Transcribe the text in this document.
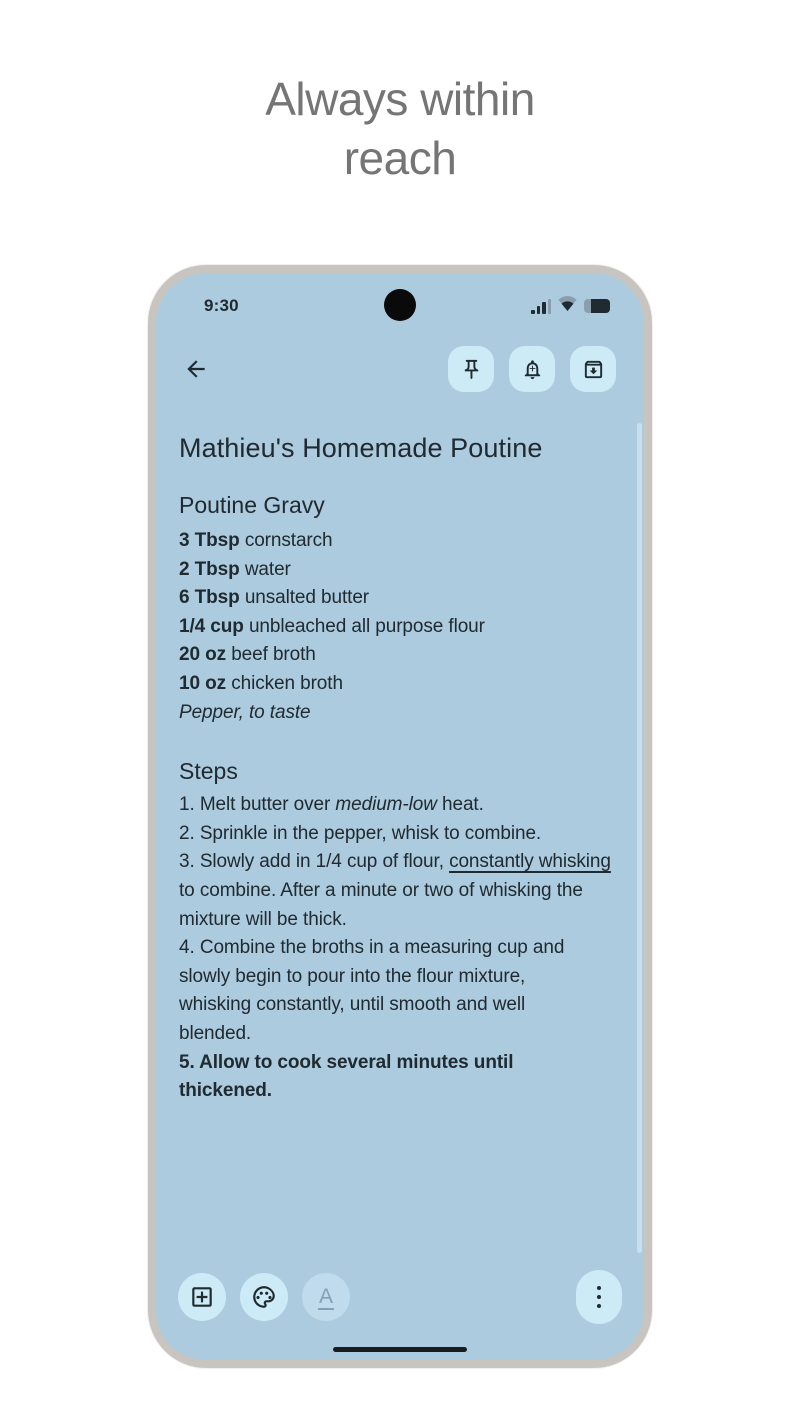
Always within reach
9:30
Mathieu's Homemade Poutine
Poutine Gravy

3 Tbsp cornstarch

2 Tbsp water

6 Tbsp unsalted butter

1/4 cup unbleached all purpose flour

20 oz beef broth

10 oz chicken broth

Pepper, to taste

Steps

1. Melt butter over medium-low heat.

2. Sprinkle in the pepper, whisk to combine.

3. Slowly add in 1/4 cup of flour, constantly whisking

to combine. After a minute or two of whisking the

mixture will be thick.

4. Combine the broths in a measuring cup and

slowly begin to pour into the flour mixture,

whisking constantly, until smooth and well

blended.

5. Allow to cook several minutes until

thickened.

A
